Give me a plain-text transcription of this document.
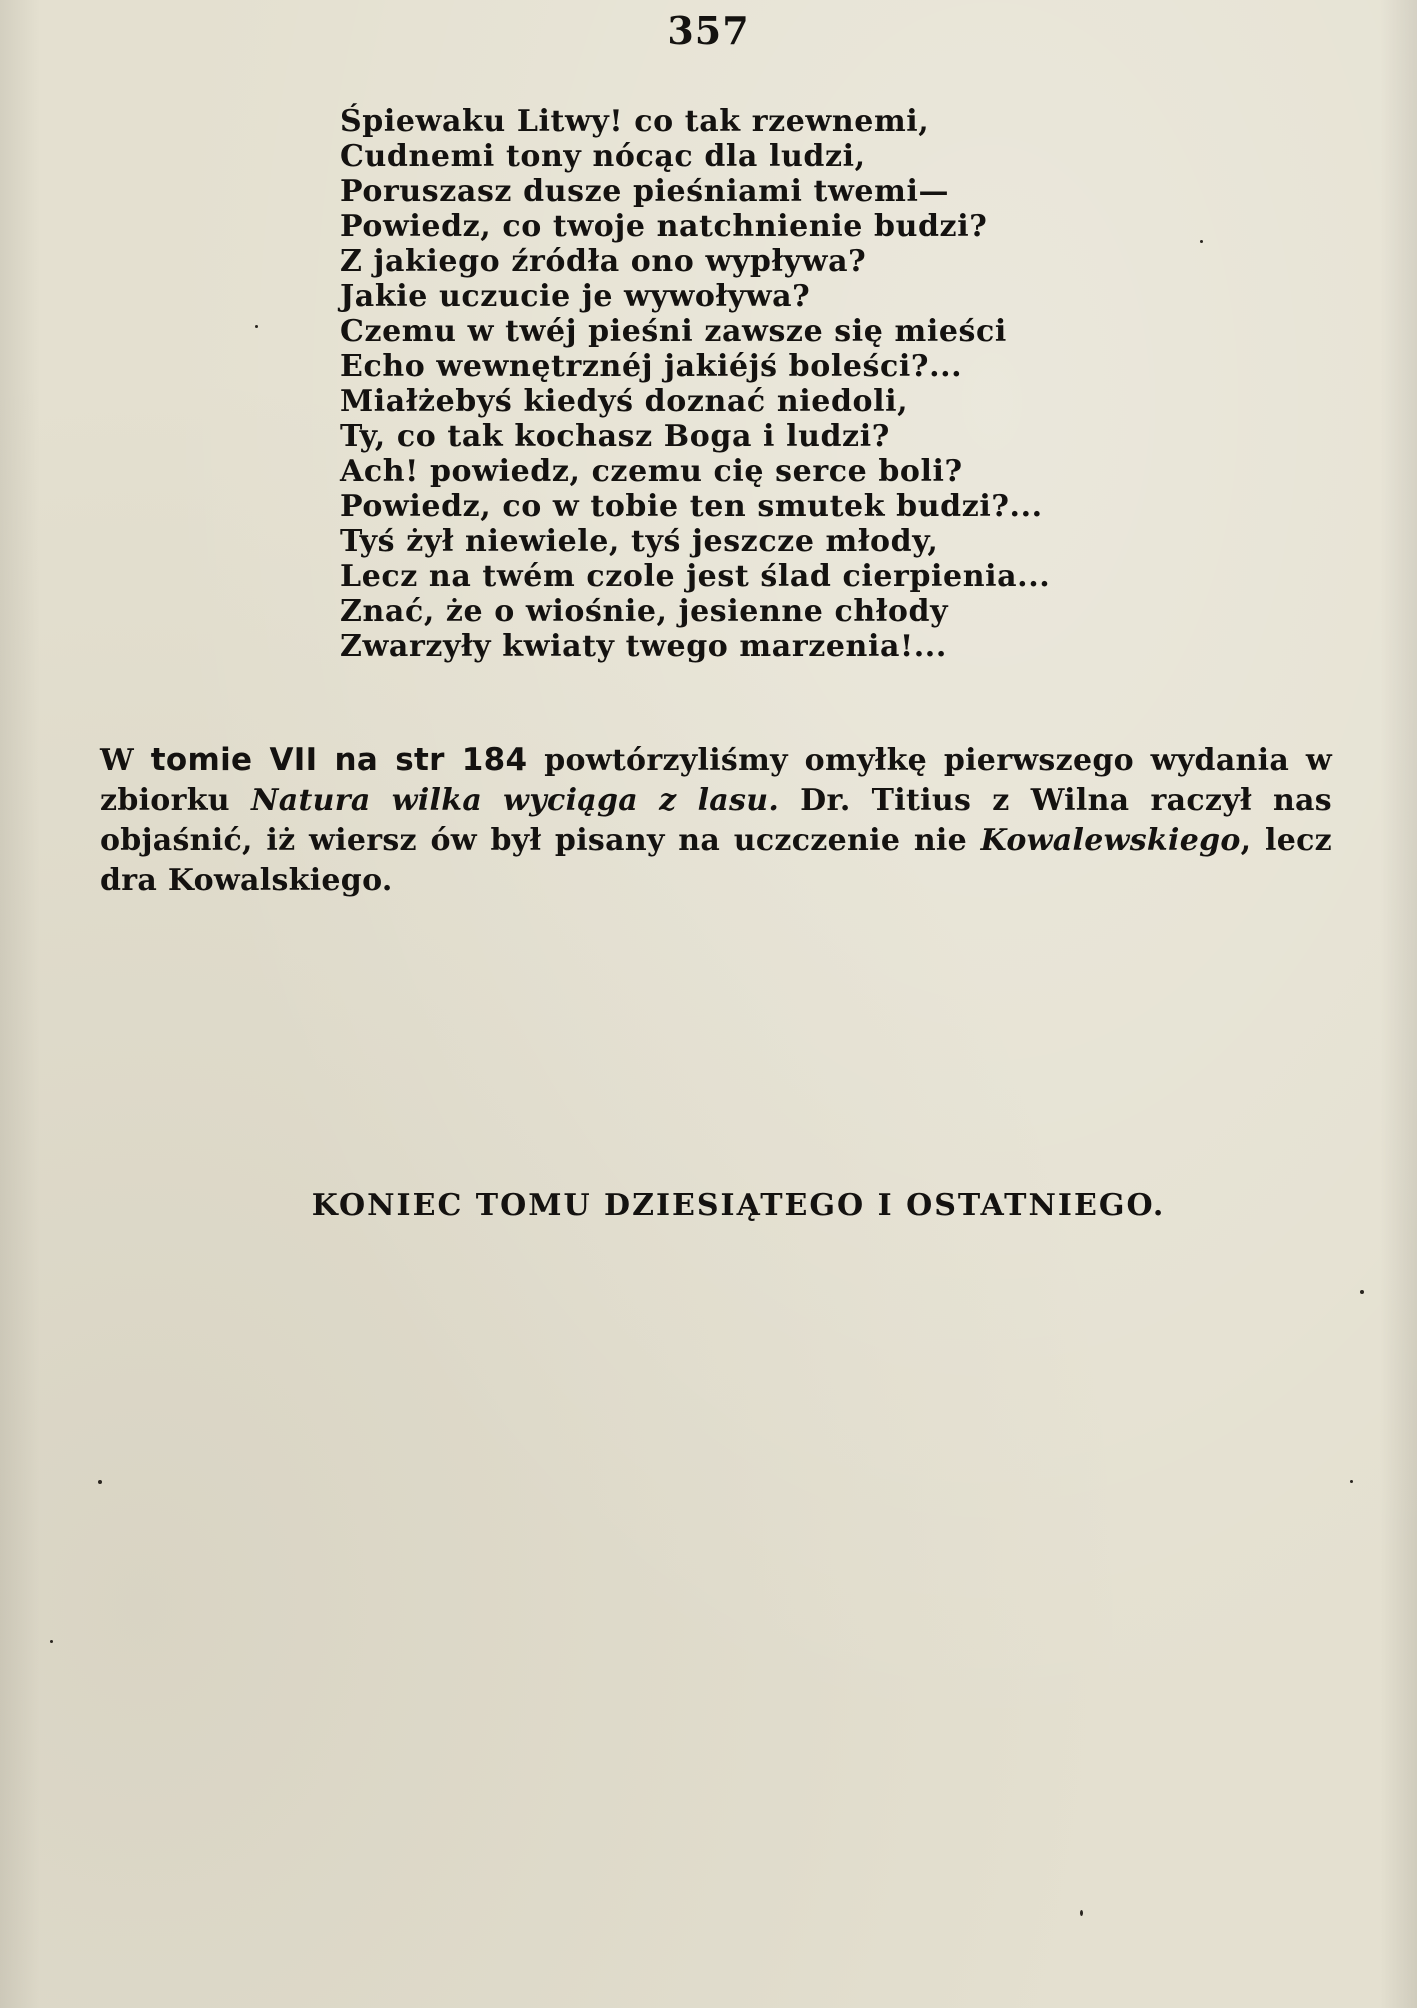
357
Śpiewaku Litwy! co tak rzewnemi,
Cudnemi tony nócąc dla ludzi,
Poruszasz dusze pieśniami twemi—
Powiedz, co twoje natchnienie budzi?
Z jakiego źródła ono wypływa?
Jakie uczucie je wywoływa?
Czemu w twéj pieśni zawsze się mieści
Echo wewnętrznéj jakiéjś boleści?...
Miałżebyś kiedyś doznać niedoli,
Ty, co tak kochasz Boga i ludzi?
Ach! powiedz, czemu cię serce boli?
Powiedz, co w tobie ten smutek budzi?...
Tyś żył niewiele, tyś jeszcze młody,
Lecz na twém czole jest ślad cierpienia...
Znać, że o wiośnie, jesienne chłody
Zwarzyły kwiaty twego marzenia!...
W tomie VII na str 184 powtórzyliśmy omyłkę pierwszego wydania w zbiorku Natura wilka wyciąga z lasu. Dr. Titius z Wilna raczył nas objaśnić, iż wiersz ów był pisany na uczczenie nie Kowalewskiego, lecz dra Kowalskiego.
KONIEC TOMU DZIESIĄTEGO I OSTATNIEGO.
